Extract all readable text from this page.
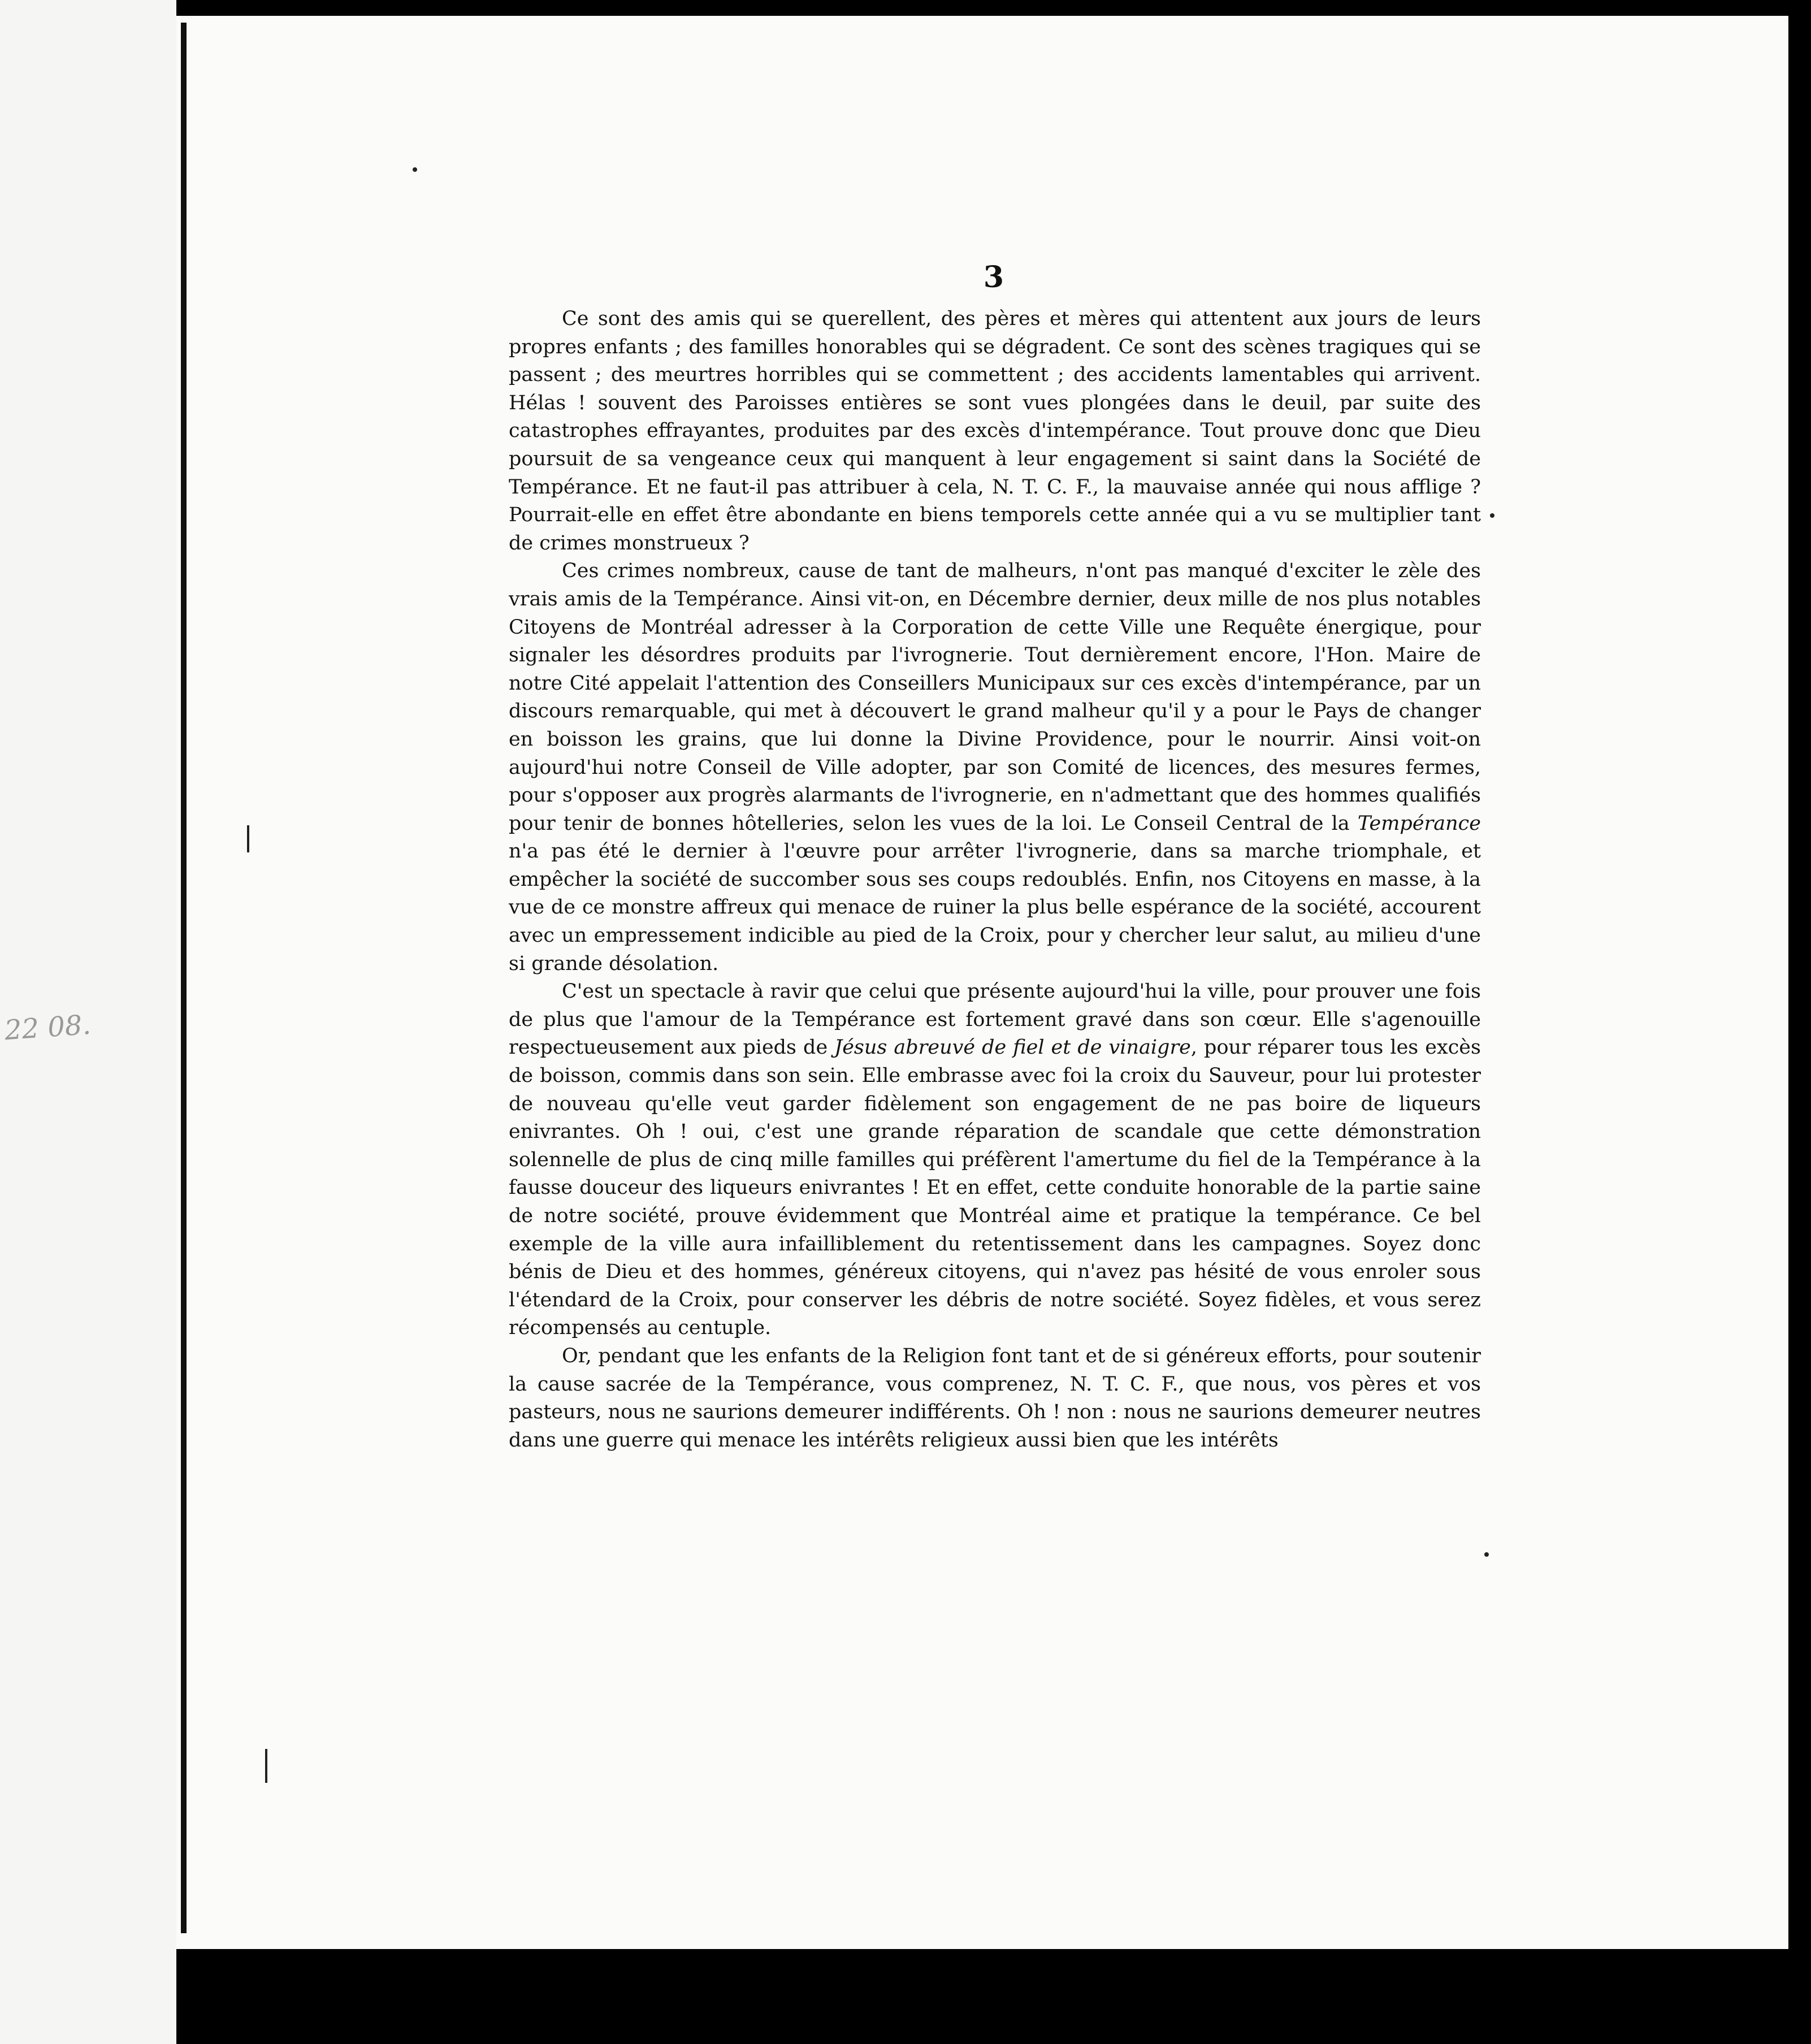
22 08.
3

Ce sont des amis qui se querellent, des pères et mères qui attentent aux jours de leurs propres enfants ; des familles honorables qui se dégradent. Ce sont des scènes tragiques qui se passent ; des meurtres horribles qui se commettent ; des accidents lamentables qui arrivent. Hélas ! souvent des Paroisses entières se sont vues plongées dans le deuil, par suite des catastrophes effrayantes, produites par des excès d'intempérance. Tout prouve donc que Dieu poursuit de sa vengeance ceux qui manquent à leur engagement si saint dans la Société de Tempérance. Et ne faut-il pas attribuer à cela, N. T. C. F., la mauvaise année qui nous afflige ? Pourrait-elle en effet être abondante en biens temporels cette année qui a vu se multiplier tant de crimes monstrueux ?

Ces crimes nombreux, cause de tant de malheurs, n'ont pas manqué d'exciter le zèle des vrais amis de la Tempérance. Ainsi vit-on, en Décembre dernier, deux mille de nos plus notables Citoyens de Montréal adresser à la Corporation de cette Ville une Requête énergique, pour signaler les désordres produits par l'ivrognerie. Tout dernièrement encore, l'Hon. Maire de notre Cité appelait l'attention des Conseillers Municipaux sur ces excès d'intempérance, par un discours remarquable, qui met à découvert le grand malheur qu'il y a pour le Pays de changer en boisson les grains, que lui donne la Divine Providence, pour le nourrir. Ainsi voit-on aujourd'hui notre Conseil de Ville adopter, par son Comité de licences, des mesures fermes, pour s'opposer aux progrès alarmants de l'ivrognerie, en n'admettant que des hommes qualifiés pour tenir de bonnes hôtelleries, selon les vues de la loi. Le Conseil Central de la Tempérance n'a pas été le dernier à l'œuvre pour arrêter l'ivrognerie, dans sa marche triomphale, et empêcher la société de succomber sous ses coups redoublés. Enfin, nos Citoyens en masse, à la vue de ce monstre affreux qui menace de ruiner la plus belle espérance de la société, accourent avec un empressement indicible au pied de la Croix, pour y chercher leur salut, au milieu d'une si grande désolation.

C'est un spectacle à ravir que celui que présente aujourd'hui la ville, pour prouver une fois de plus que l'amour de la Tempérance est fortement gravé dans son cœur. Elle s'agenouille respectueusement aux pieds de Jésus abreuvé de fiel et de vinaigre, pour réparer tous les excès de boisson, commis dans son sein. Elle embrasse avec foi la croix du Sauveur, pour lui protester de nouveau qu'elle veut garder fidèlement son engagement de ne pas boire de liqueurs enivrantes. Oh ! oui, c'est une grande réparation de scandale que cette démonstration solennelle de plus de cinq mille familles qui préfèrent l'amertume du fiel de la Tempérance à la fausse douceur des liqueurs enivrantes ! Et en effet, cette conduite honorable de la partie saine de notre société, prouve évidemment que Montréal aime et pratique la tempérance. Ce bel exemple de la ville aura infailliblement du retentissement dans les campagnes. Soyez donc bénis de Dieu et des hommes, généreux citoyens, qui n'avez pas hésité de vous enroler sous l'étendard de la Croix, pour conserver les débris de notre société. Soyez fidèles, et vous serez récompensés au centuple.

Or, pendant que les enfants de la Religion font tant et de si généreux efforts, pour soutenir la cause sacrée de la Tempérance, vous comprenez, N. T. C. F., que nous, vos pères et vos pasteurs, nous ne saurions demeurer indifférents. Oh ! non : nous ne saurions demeurer neutres dans une guerre qui menace les intérêts religieux aussi bien que les intérêts
